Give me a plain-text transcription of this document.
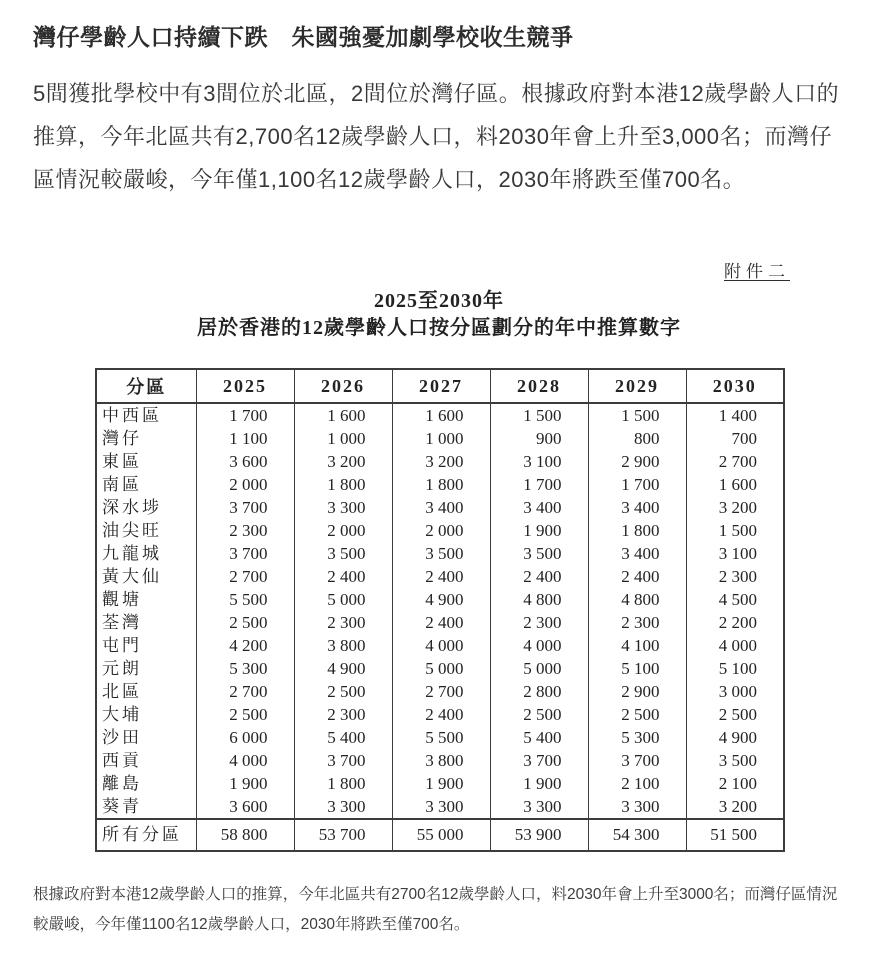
灣仔學齡人口持續下跌　朱國強憂加劇學校收生競爭

5間獲批學校中有3間位於北區，2間位於灣仔區。根據政府對本港12歲學齡人口的推算，今年北區共有2,700名12歲學齡人口，料2030年會上升至3,000名；而灣仔區情況較嚴峻，今年僅1,100名12歲學齡人口，2030年將跌至僅700名。

附件二
2025至2030年
居於香港的12歲學齡人口按分區劃分的年中推算數字
分區	2025	2026	2027	2028	2029	2030
中西區	1 700	1 600	1 600	1 500	1 500	1 400
灣仔	1 100	1 000	1 000	900	800	700
東區	3 600	3 200	3 200	3 100	2 900	2 700
南區	2 000	1 800	1 800	1 700	1 700	1 600
深水埗	3 700	3 300	3 400	3 400	3 400	3 200
油尖旺	2 300	2 000	2 000	1 900	1 800	1 500
九龍城	3 700	3 500	3 500	3 500	3 400	3 100
黃大仙	2 700	2 400	2 400	2 400	2 400	2 300
觀塘	5 500	5 000	4 900	4 800	4 800	4 500
荃灣	2 500	2 300	2 400	2 300	2 300	2 200
屯門	4 200	3 800	4 000	4 000	4 100	4 000
元朗	5 300	4 900	5 000	5 000	5 100	5 100
北區	2 700	2 500	2 700	2 800	2 900	3 000
大埔	2 500	2 300	2 400	2 500	2 500	2 500
沙田	6 000	5 400	5 500	5 400	5 300	4 900
西貢	4 000	3 700	3 800	3 700	3 700	3 500
離島	1 900	1 800	1 900	1 900	2 100	2 100
葵青	3 600	3 300	3 300	3 300	3 300	3 200
所有分區	58 800	53 700	55 000	53 900	54 300	51 500

根據政府對本港12歲學齡人口的推算，今年北區共有2700名12歲學齡人口，料2030年會上升至3000名；而灣仔區情況較嚴峻，今年僅1100名12歲學齡人口，2030年將跌至僅700名。
